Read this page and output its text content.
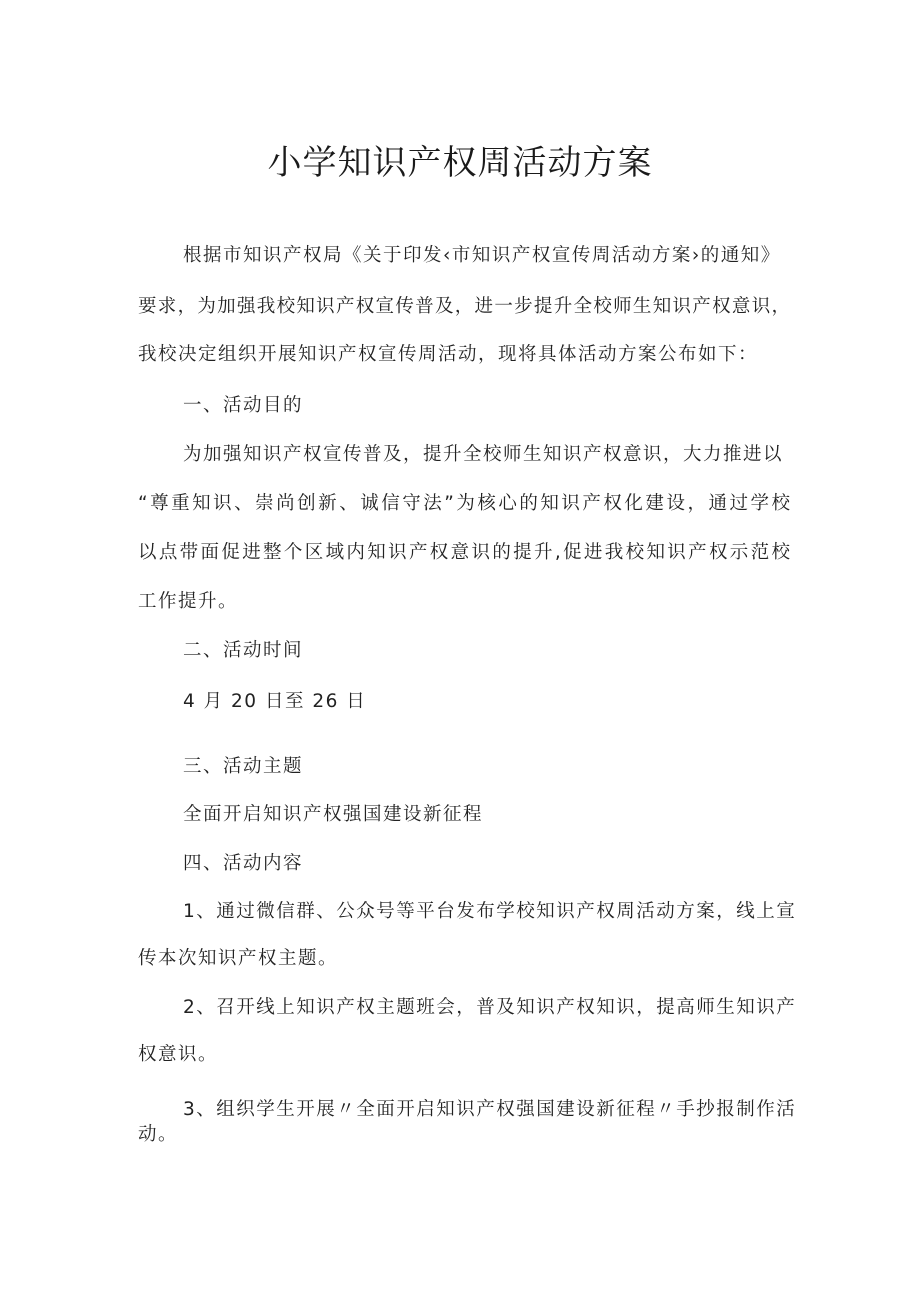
小学知识产权周活动方案

根据市知识产权局《关于印发‹市知识产权宣传周活动方案›的通知》

要求，为加强我校知识产权宣传普及，进一步提升全校师生知识产权意识，

我校决定组织开展知识产权宣传周活动，现将具体活动方案公布如下：

一、活动目的

为加强知识产权宣传普及，提升全校师生知识产权意识，大力推进以

“尊重知识、崇尚创新、诚信守法”为核心的知识产权化建设，通过学校

以点带面促进整个区域内知识产权意识的提升,促进我校知识产权示范校

工作提升。

二、活动时间

4 月 20 日至 26 日

三、活动主题

全面开启知识产权强国建设新征程

四、活动内容

1、通过微信群、公众号等平台发布学校知识产权周活动方案，线上宣

传本次知识产权主题。

2、召开线上知识产权主题班会，普及知识产权知识，提高师生知识产

权意识。

3、组织学生开展〃全面开启知识产权强国建设新征程〃手抄报制作活

动。
